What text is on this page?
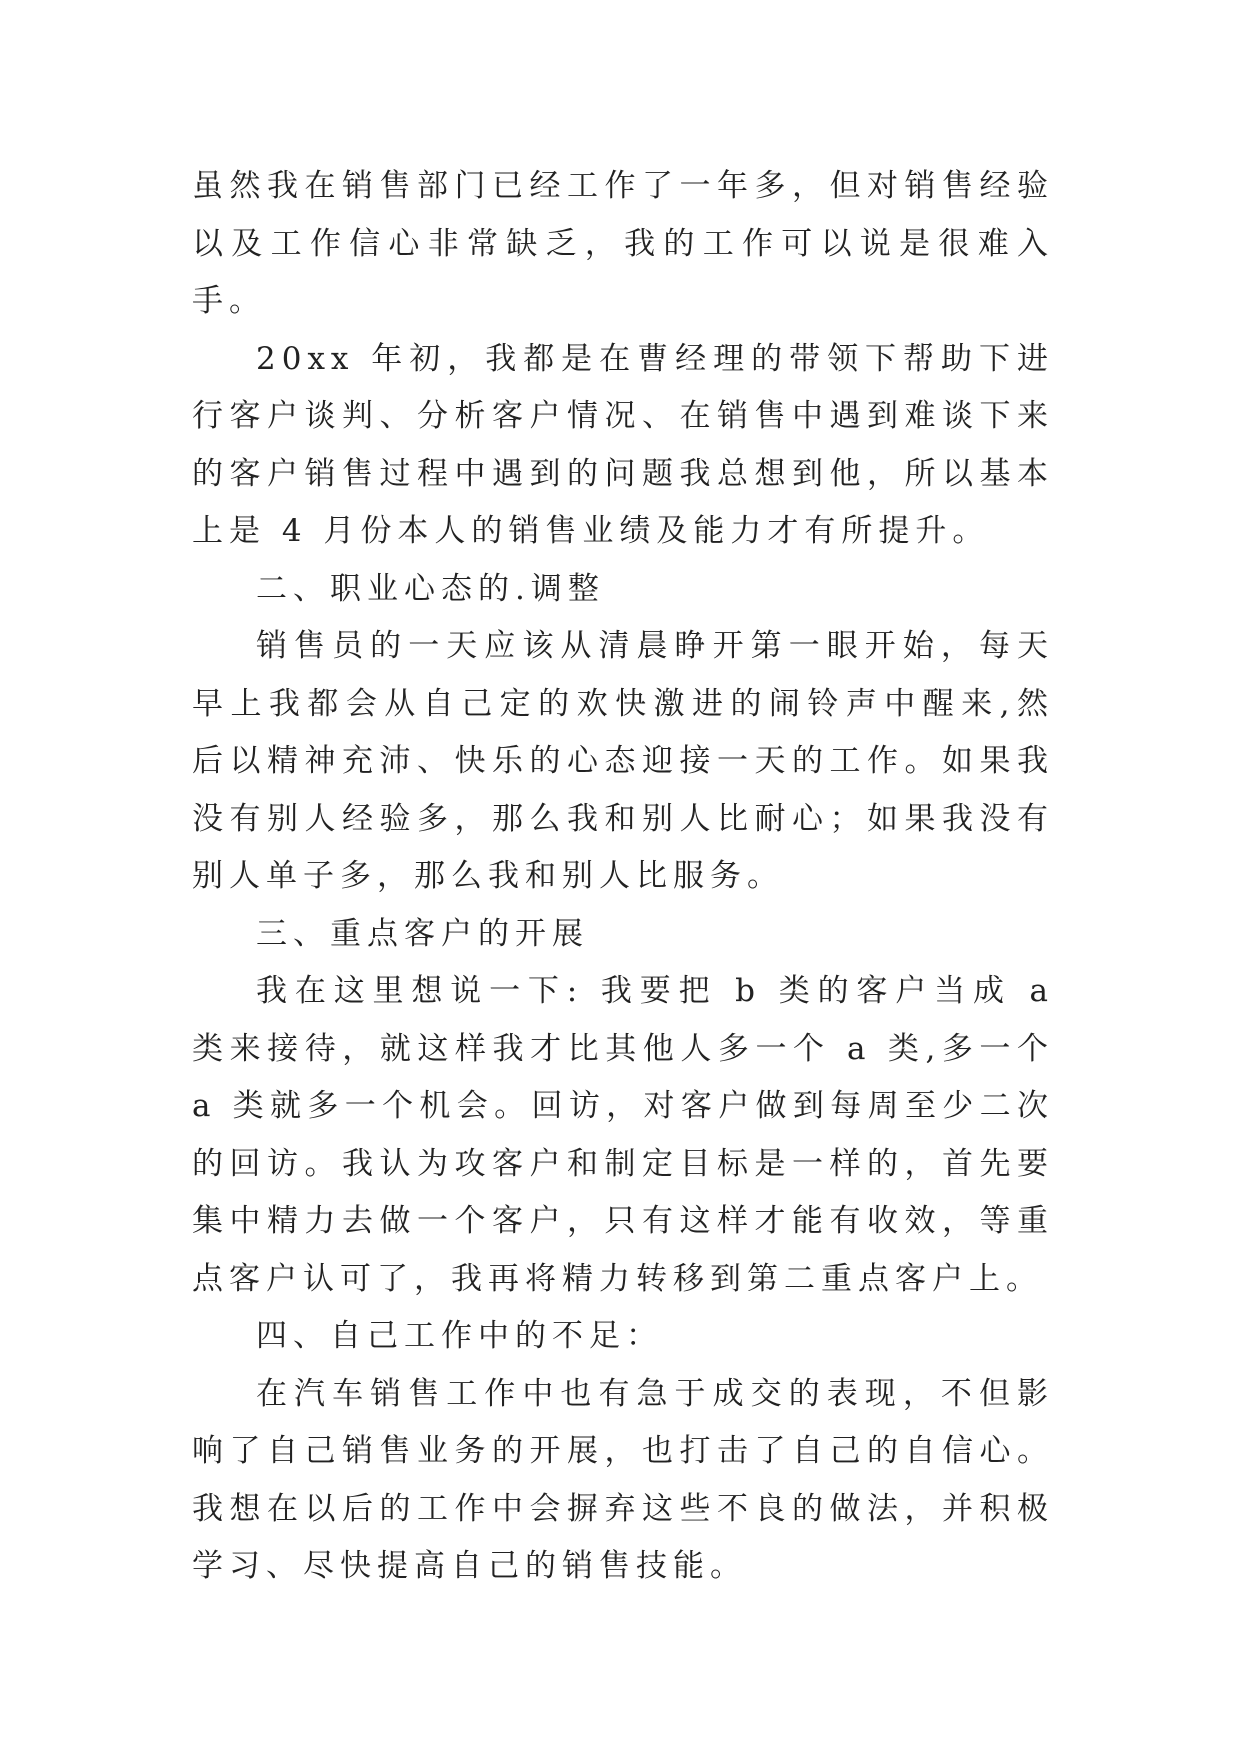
虽然我在销售部门已经工作了一年多，但对销售经验以及工作信心非常缺乏，我的工作可以说是很难入手。

20xx 年初，我都是在曹经理的带领下帮助下进行客户谈判、分析客户情况、在销售中遇到难谈下来的客户销售过程中遇到的问题我总想到他，所以基本上是 4 月份本人的销售业绩及能力才有所提升。

二、职业心态的.调整

销售员的一天应该从清晨睁开第一眼开始，每天早上我都会从自己定的欢快激进的闹铃声中醒来,然后以精神充沛、快乐的心态迎接一天的工作。如果我没有别人经验多，那么我和别人比耐心；如果我没有别人单子多，那么我和别人比服务。

三、重点客户的开展

我在这里想说一下: 我要把 b 类的客户当成 a 类来接待，就这样我才比其他人多一个 a 类,多一个 a 类就多一个机会。回访，对客户做到每周至少二次的回访。我认为攻客户和制定目标是一样的，首先要集中精力去做一个客户，只有这样才能有收效，等重点客户认可了，我再将精力转移到第二重点客户上。

四、自己工作中的不足：

在汽车销售工作中也有急于成交的表现，不但影响了自己销售业务的开展，也打击了自己的自信心。我想在以后的工作中会摒弃这些不良的做法，并积极学习、尽快提高自己的销售技能。
